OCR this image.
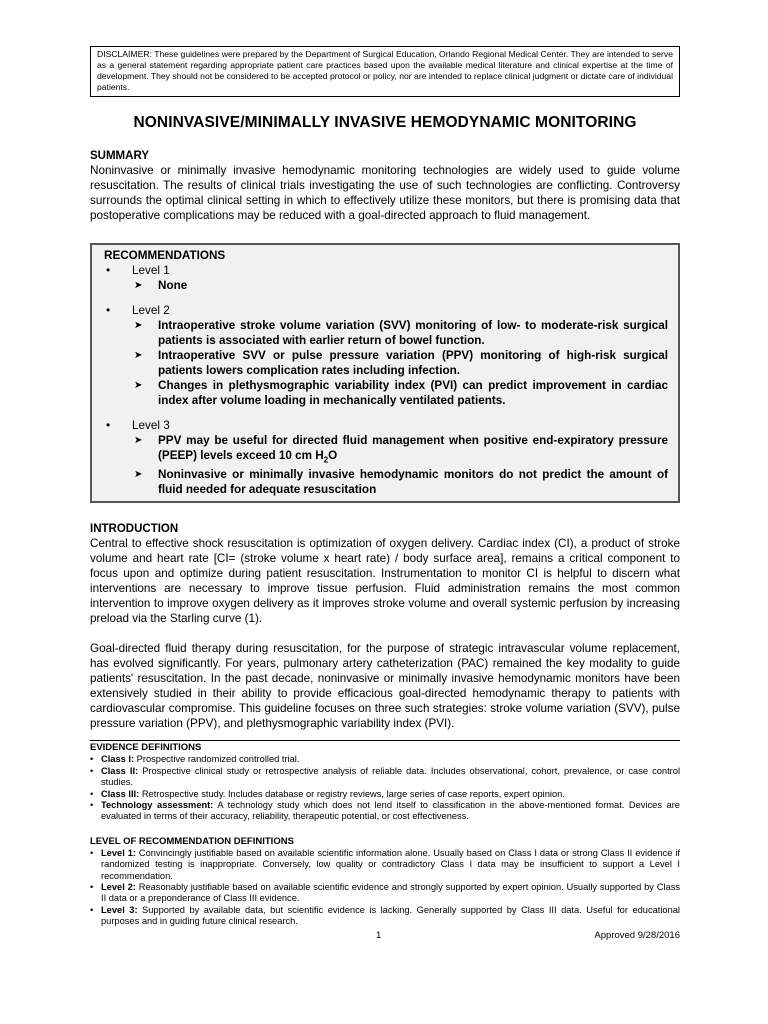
DISCLAIMER: These guidelines were prepared by the Department of Surgical Education, Orlando Regional Medical Center. They are intended to serve as a general statement regarding appropriate patient care practices based upon the available medical literature and clinical expertise at the time of development. They should not be considered to be accepted protocol or policy, nor are intended to replace clinical judgment or dictate care of individual patients.
NONINVASIVE/MINIMALLY INVASIVE HEMODYNAMIC MONITORING
SUMMARY

Noninvasive or minimally invasive hemodynamic monitoring technologies are widely used to guide volume resuscitation. The results of clinical trials investigating the use of such technologies are conflicting. Controversy surrounds the optimal clinical setting in which to effectively utilize these monitors, but there is promising data that postoperative complications may be reduced with a goal-directed approach to fluid management.

RECOMMENDATIONS
•	Level 1
➤	None
•	Level 2
➤	Intraoperative stroke volume variation (SVV) monitoring of low- to moderate-risk surgical patients is associated with earlier return of bowel function.
➤	Intraoperative SVV or pulse pressure variation (PPV) monitoring of high-risk surgical patients lowers complication rates including infection.
➤	Changes in plethysmographic variability index (PVI) can predict improvement in cardiac index after volume loading in mechanically ventilated patients.
•	Level 3
➤	PPV may be useful for directed fluid management when positive end-expiratory pressure (PEEP) levels exceed 10 cm $H_2O$
➤	Noninvasive or minimally invasive hemodynamic monitors do not predict the amount of fluid needed for adequate resuscitation
INTRODUCTION

Central to effective shock resuscitation is optimization of oxygen delivery. Cardiac index (CI), a product of stroke volume and heart rate [CI= (stroke volume x heart rate) / body surface area], remains a critical component to focus upon and optimize during patient resuscitation. Instrumentation to monitor CI is helpful to discern what interventions are necessary to improve tissue perfusion. Fluid administration remains the most common intervention to improve oxygen delivery as it improves stroke volume and overall systemic perfusion by increasing preload via the Starling curve (1).

Goal-directed fluid therapy during resuscitation, for the purpose of strategic intravascular volume replacement, has evolved significantly. For years, pulmonary artery catheterization (PAC) remained the key modality to guide patients' resuscitation. In the past decade, noninvasive or minimally invasive hemodynamic monitors have been extensively studied in their ability to provide efficacious goal-directed hemodynamic therapy to patients with cardiovascular compromise. This guideline focuses on three such strategies: stroke volume variation (SVV), pulse pressure variation (PPV), and plethysmographic variability index (PVI).

EVIDENCE DEFINITIONS
• Class I: Prospective randomized controlled trial.
• Class II: Prospective clinical study or retrospective analysis of reliable data. Includes observational, cohort, prevalence, or case control studies.
• Class III: Retrospective study. Includes database or registry reviews, large series of case reports, expert opinion.
• Technology assessment: A technology study which does not lend itself to classification in the above-mentioned format. Devices are evaluated in terms of their accuracy, reliability, therapeutic potential, or cost effectiveness.
LEVEL OF RECOMMENDATION DEFINITIONS
• Level 1: Convincingly justifiable based on available scientific information alone. Usually based on Class I data or strong Class II evidence if randomized testing is inappropriate. Conversely, low quality or contradictory Class I data may be insufficient to support a Level I recommendation.
• Level 2: Reasonably justifiable based on available scientific evidence and strongly supported by expert opinion. Usually supported by Class II data or a preponderance of Class III evidence.
• Level 3: Supported by available data, but scientific evidence is lacking. Generally supported by Class III data. Useful for educational purposes and in guiding future clinical research.
1	Approved 9/28/2016
